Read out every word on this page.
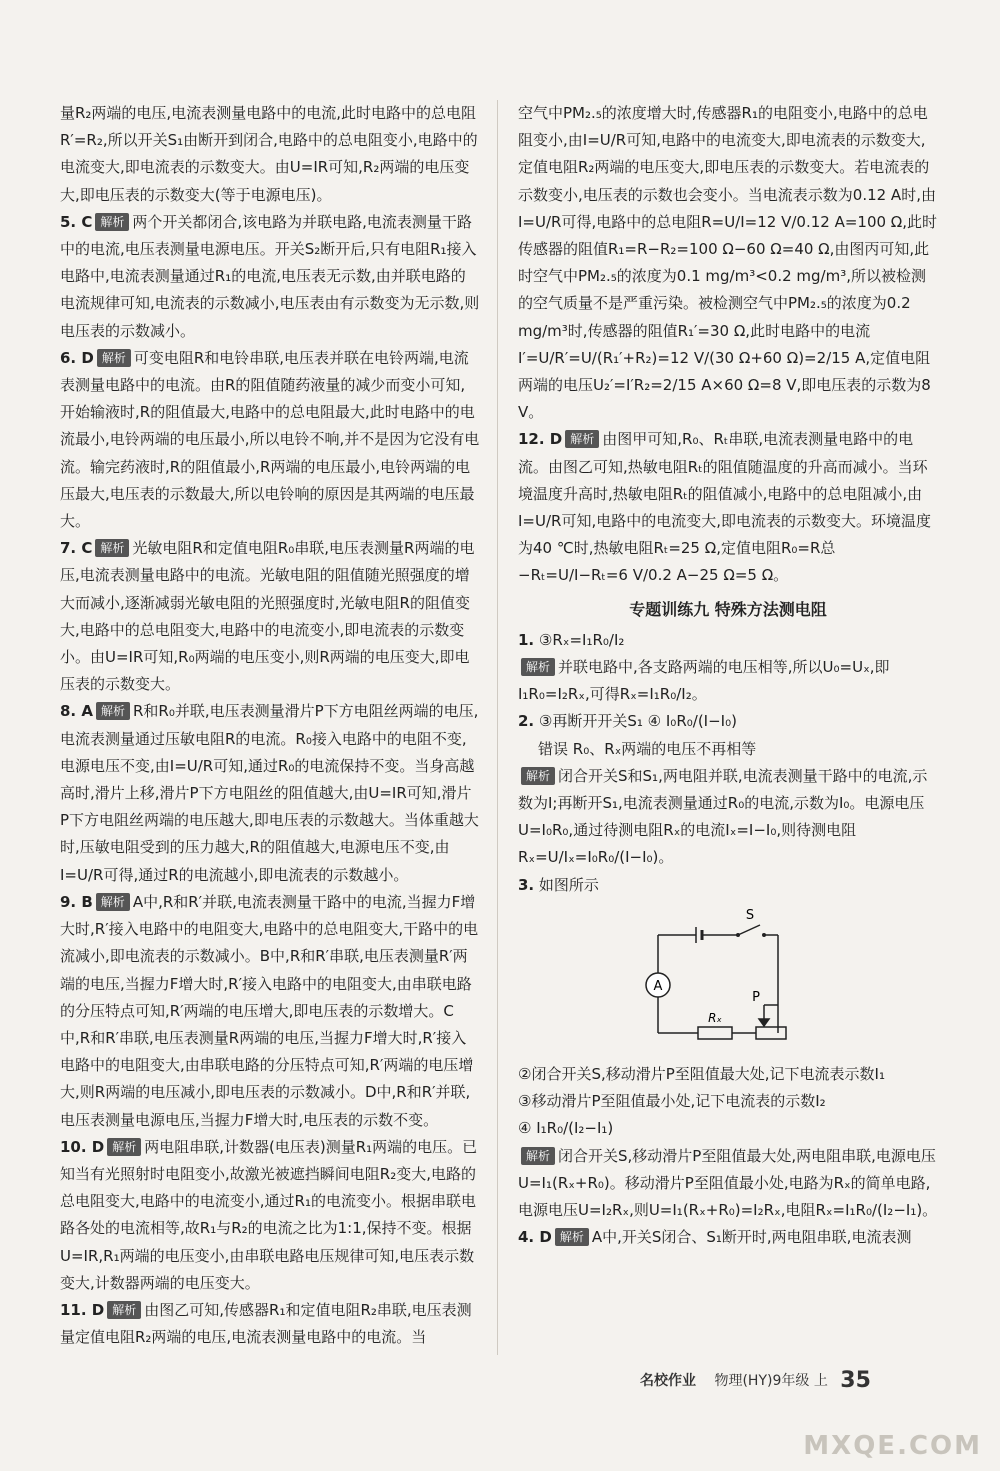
量R₂两端的电压,电流表测量电路中的电流,此时电路中的总电阻R′=R₂,所以开关S₁由断开到闭合,电路中的总电阻变小,电路中的电流变大,即电流表的示数变大。由U=IR可知,R₂两端的电压变大,即电压表的示数变大(等于电源电压)。

5. C 解析 两个开关都闭合,该电路为并联电路,电流表测量干路中的电流,电压表测量电源电压。开关S₂断开后,只有电阻R₁接入电路中,电流表测量通过R₁的电流,电压表无示数,由并联电路的电流规律可知,电流表的示数减小,电压表由有示数变为无示数,则电压表的示数减小。

6. D 解析 可变电阻R和电铃串联,电压表并联在电铃两端,电流表测量电路中的电流。由R的阻值随药液量的减少而变小可知,开始输液时,R的阻值最大,电路中的总电阻最大,此时电路中的电流最小,电铃两端的电压最小,所以电铃不响,并不是因为它没有电流。输完药液时,R的阻值最小,R两端的电压最小,电铃两端的电压最大,电压表的示数最大,所以电铃响的原因是其两端的电压最大。

7. C 解析 光敏电阻R和定值电阻R₀串联,电压表测量R两端的电压,电流表测量电路中的电流。光敏电阻的阻值随光照强度的增大而减小,逐渐减弱光敏电阻的光照强度时,光敏电阻R的阻值变大,电路中的总电阻变大,电路中的电流变小,即电流表的示数变小。由U=IR可知,R₀两端的电压变小,则R两端的电压变大,即电压表的示数变大。

8. A 解析 R和R₀并联,电压表测量滑片P下方电阻丝两端的电压,电流表测量通过压敏电阻R的电流。R₀接入电路中的电阻不变,电源电压不变,由I=U/R可知,通过R₀的电流保持不变。当身高越高时,滑片上移,滑片P下方电阻丝的阻值越大,由U=IR可知,滑片P下方电阻丝两端的电压越大,即电压表的示数越大。当体重越大时,压敏电阻受到的压力越大,R的阻值越大,电源电压不变,由I=U/R可得,通过R的电流越小,即电流表的示数越小。

9. B 解析 A中,R和R′并联,电流表测量干路中的电流,当握力F增大时,R′接入电路中的电阻变大,电路中的总电阻变大,干路中的电流减小,即电流表的示数减小。B中,R和R′串联,电压表测量R′两端的电压,当握力F增大时,R′接入电路中的电阻变大,由串联电路的分压特点可知,R′两端的电压增大,即电压表的示数增大。C中,R和R′串联,电压表测量R两端的电压,当握力F增大时,R′接入电路中的电阻变大,由串联电路的分压特点可知,R′两端的电压增大,则R两端的电压减小,即电压表的示数减小。D中,R和R′并联,电压表测量电源电压,当握力F增大时,电压表的示数不变。

10. D 解析 两电阻串联,计数器(电压表)测量R₁两端的电压。已知当有光照射时电阻变小,故激光被遮挡瞬间电阻R₂变大,电路的总电阻变大,电路中的电流变小,通过R₁的电流变小。根据串联电路各处的电流相等,故R₁与R₂的电流之比为1:1,保持不变。根据U=IR,R₁两端的电压变小,由串联电路电压规律可知,电压表示数变大,计数器两端的电压变大。

11. D 解析 由图乙可知,传感器R₁和定值电阻R₂串联,电压表测量定值电阻R₂两端的电压,电流表测量电路中的电流。当

空气中PM₂.₅的浓度增大时,传感器R₁的电阻变小,电路中的总电阻变小,由I=U/R可知,电路中的电流变大,即电流表的示数变大,定值电阻R₂两端的电压变大,即电压表的示数变大。若电流表的示数变小,电压表的示数也会变小。当电流表示数为0.12 A时,由I=U/R可得,电路中的总电阻R=U/I=12 V/0.12 A=100 Ω,此时传感器的阻值R₁=R−R₂=100 Ω−60 Ω=40 Ω,由图丙可知,此时空气中PM₂.₅的浓度为0.1 mg/m³<0.2 mg/m³,所以被检测的空气质量不是严重污染。被检测空气中PM₂.₅的浓度为0.2 mg/m³时,传感器的阻值R₁′=30 Ω,此时电路中的电流I′=U/R′=U/(R₁′+R₂)=12 V/(30 Ω+60 Ω)=2/15 A,定值电阻两端的电压U₂′=I′R₂=2/15 A×60 Ω=8 V,即电压表的示数为8 V。

12. D 解析 由图甲可知,R₀、Rₜ串联,电流表测量电路中的电流。由图乙可知,热敏电阻Rₜ的阻值随温度的升高而减小。当环境温度升高时,热敏电阻Rₜ的阻值减小,电路中的总电阻减小,由I=U/R可知,电路中的电流变大,即电流表的示数变大。环境温度为40 ℃时,热敏电阻Rₜ=25 Ω,定值电阻R₀=R总−Rₜ=U/I−Rₜ=6 V/0.2 A−25 Ω=5 Ω。

专题训练九 特殊方法测电阻

1. ③Rₓ=I₁R₀/I₂

解析 并联电路中,各支路两端的电压相等,所以U₀=Uₓ,即I₁R₀=I₂Rₓ,可得Rₓ=I₁R₀/I₂。

2. ③再断开开关S₁ ④ I₀R₀/(I−I₀)

错误 R₀、Rₓ两端的电压不再相等

解析 闭合开关S和S₁,两电阻并联,电流表测量干路中的电流,示数为I;再断开S₁,电流表测量通过R₀的电流,示数为I₀。电源电压U=I₀R₀,通过待测电阻Rₓ的电流Iₓ=I−I₀,则待测电阻Rₓ=U/Iₓ=I₀R₀/(I−I₀)。

3. 如图所示

A
S
Rₓ
P

②闭合开关S,移动滑片P至阻值最大处,记下电流表示数I₁

③移动滑片P至阻值最小处,记下电流表的示数I₂

④ I₁R₀/(I₂−I₁)

解析 闭合开关S,移动滑片P至阻值最大处,两电阻串联,电源电压U=I₁(Rₓ+R₀)。移动滑片P至阻值最小处,电路为Rₓ的简单电路,电源电压U=I₂Rₓ,则U=I₁(Rₓ+R₀)=I₂Rₓ,电阻Rₓ=I₁R₀/(I₂−I₁)。

4. D 解析 A中,开关S闭合、S₁断开时,两电阻串联,电流表测

名校作业 物理(HY)9年级 上 35
MXQE.COM
